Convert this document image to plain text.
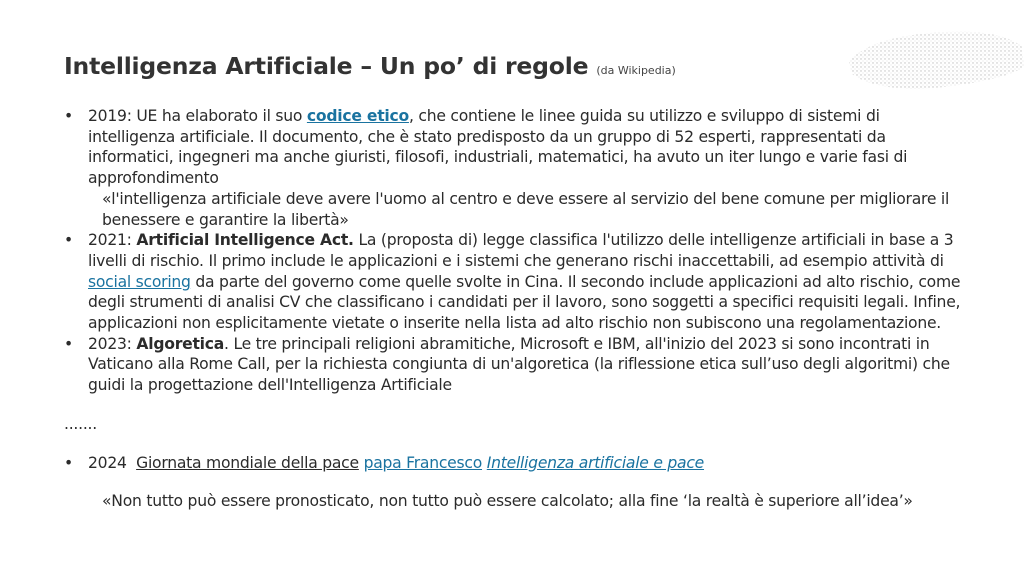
Intelligenza Artificiale – Un po’ di regole (da Wikipedia)
• 2019: UE ha elaborato il suo codice etico, che contiene le linee guida su utilizzo e sviluppo di sistemi di intelligenza artificiale. Il documento, che è stato predisposto da un gruppo di 52 esperti, rappresentati da informatici, ingegneri ma anche giuristi, filosofi, industriali, matematici, ha avuto un iter lungo e varie fasi di approfondimento
«l'intelligenza artificiale deve avere l'uomo al centro e deve essere al servizio del bene comune per migliorare il benessere e garantire la libertà»
• 2021: Artificial Intelligence Act. La (proposta di) legge classifica l'utilizzo delle intelligenze artificiali in base a 3 livelli di rischio. Il primo include le applicazioni e i sistemi che generano rischi inaccettabili, ad esempio attività di social scoring da parte del governo come quelle svolte in Cina. Il secondo include applicazioni ad alto rischio, come degli strumenti di analisi CV che classificano i candidati per il lavoro, sono soggetti a specifici requisiti legali. Infine, applicazioni non esplicitamente vietate o inserite nella lista ad alto rischio non subiscono una regolamentazione.
• 2023: Algoretica. Le tre principali religioni abramitiche, Microsoft e IBM, all'inizio del 2023 si sono incontrati in Vaticano alla Rome Call, per la richiesta congiunta di un'algoretica (la riflessione etica sull’uso degli algoritmi) che guidi la progettazione dell'Intelligenza Artificiale
.......
• 2024 Giornata mondiale della pace papa Francesco Intelligenza artificiale e pace
«Non tutto può essere pronosticato, non tutto può essere calcolato; alla fine ‘la realtà è superiore all’idea’»
